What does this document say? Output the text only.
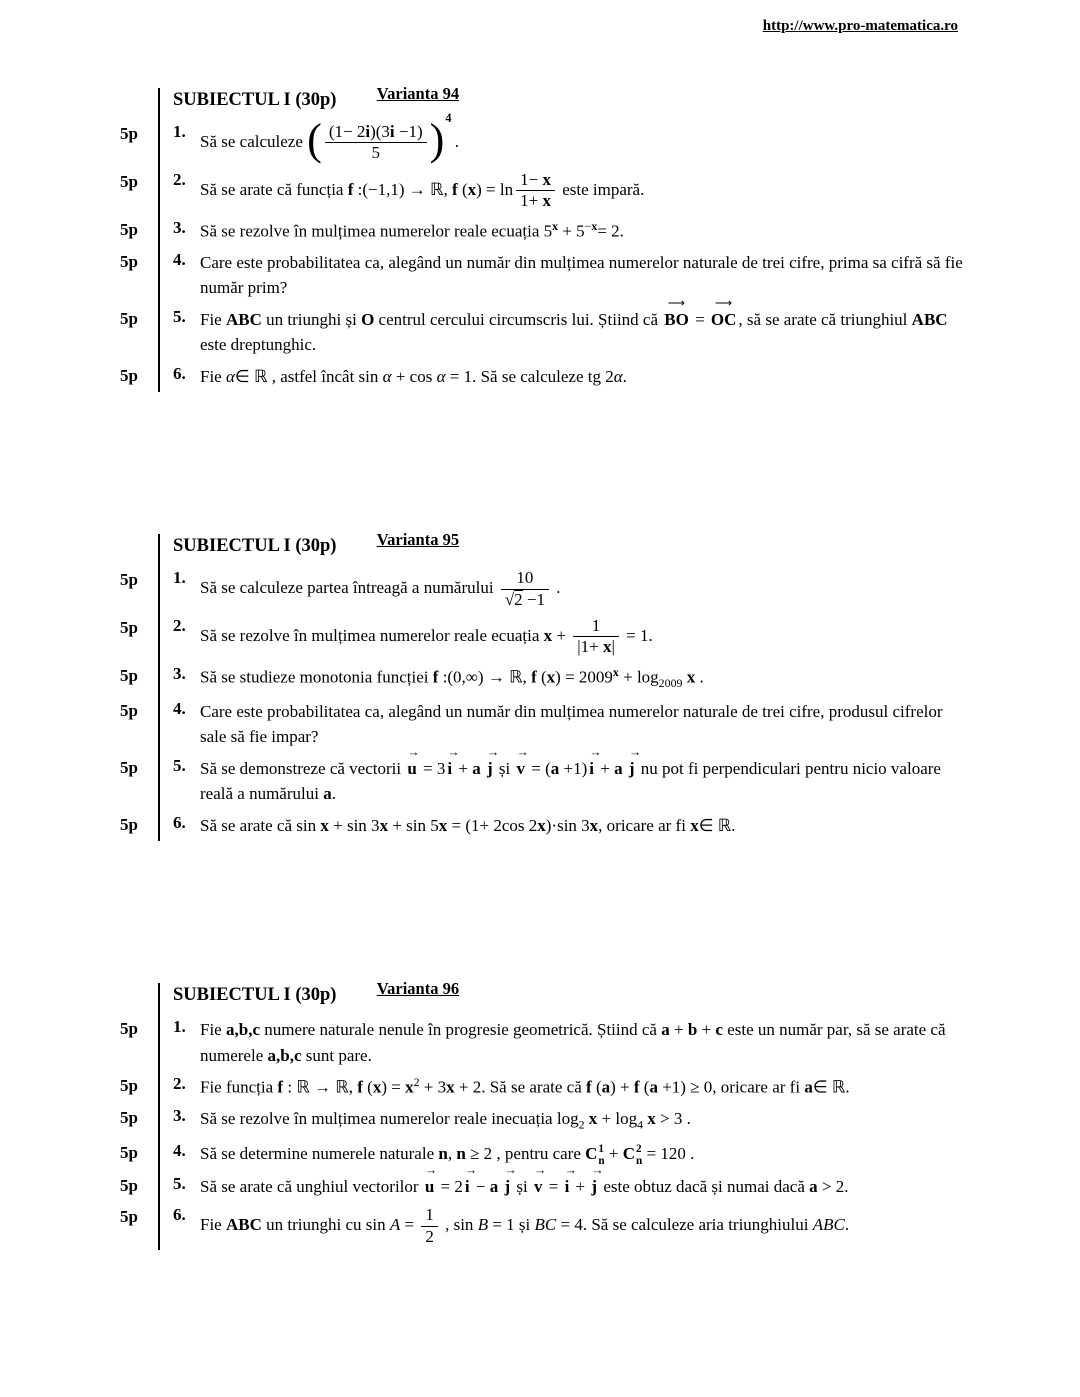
http://www.pro-matematica.ro
SUBIECTUL I (30p) Varianta 94
5p	1.
Să se calculeze ( $\frac{(1- 2i)(3i -1)}{5} )^4$ .
5p	2.
Să se arate că funcția f :(−1,1) → ℝ, f $(x) = \ln \frac{1- x}{1+ x}$ este impară.
5p	3. Să se rezolve în mulțimea numerelor reale ecuația $5^x + 5^{-x}= 2$.
5p	4. Care este probabilitatea ca, alegând un număr din mulțimea numerelor naturale de trei cifre, prima sa cifră să fie număr prim?
5p	5. Fie ABC un triunghi și O centrul cercului circumscris lui. Știind că
⟶
BO =
⟶
OC , să se arate că triunghiul ABC este dreptunghic.
5p	6. Fie α∈ ℝ , astfel încât sin α + cos α = 1. Să se calculeze tg 2α.
SUBIECTUL I (30p) Varianta 95
5p	1.
Să se calculeze partea întreagă a numărului $\frac{10}{√2 -1}$ .
5p	2.
Să se rezolve în mulțimea numerelor reale ecuația $x + \frac{1}{|1+ x|} = 1$.
5p	3. Să se studieze monotonia funcției f :(0,∞) → ℝ, f $(x) = 2009^x + \log_{2009} x$ .
5p	4. Care este probabilitatea ca, alegând un număr din mulțimea numerelor naturale de trei cifre, produsul cifrelor sale să fie impar?
5p	5. Să se demonstreze că vectorii
→
u = 3
→
i + a
→
j și
→
v = (a +1)
→
i + a
→
j nu pot fi perpendiculari pentru nicio valoare reală a numărului a.
5p	6. Să se arate că sin x + sin 3x + sin 5x = (1+ 2cos 2x)·sin 3x, oricare ar fi x∈ ℝ.
SUBIECTUL I (30p) Varianta 96
5p	1. Fie a,b,c numere naturale nenule în progresie geometrică. Știind că a + b + c este un număr par, să se arate că numerele a,b,c sunt pare.
5p	2. Fie funcția f : ℝ → ℝ, f $(x) = x^2 + 3x + 2$. Să se arate că f (a) + f (a +1) ≥ 0, oricare ar fi a∈ ℝ.
5p	3. Să se rezolve în mulțimea numerelor reale inecuația $\log_2 x + \log_4 x > 3$ .
5p	4. Să se determine numerele naturale n, n ≥ 2 , pentru care C 1
n + C 2
n = 120 .
5p	5. Să se arate că unghiul vectorilor
→
u = 2
→
i − a
→
j și
→
v =
→
i +
→
j este obtuz dacă și numai dacă a > 2.
5p	6.
Fie ABC un triunghi cu $\sin A = \frac{1}{2}$ , sin B = 1 și BC = 4. Să se calculeze aria triunghiului ABC.
